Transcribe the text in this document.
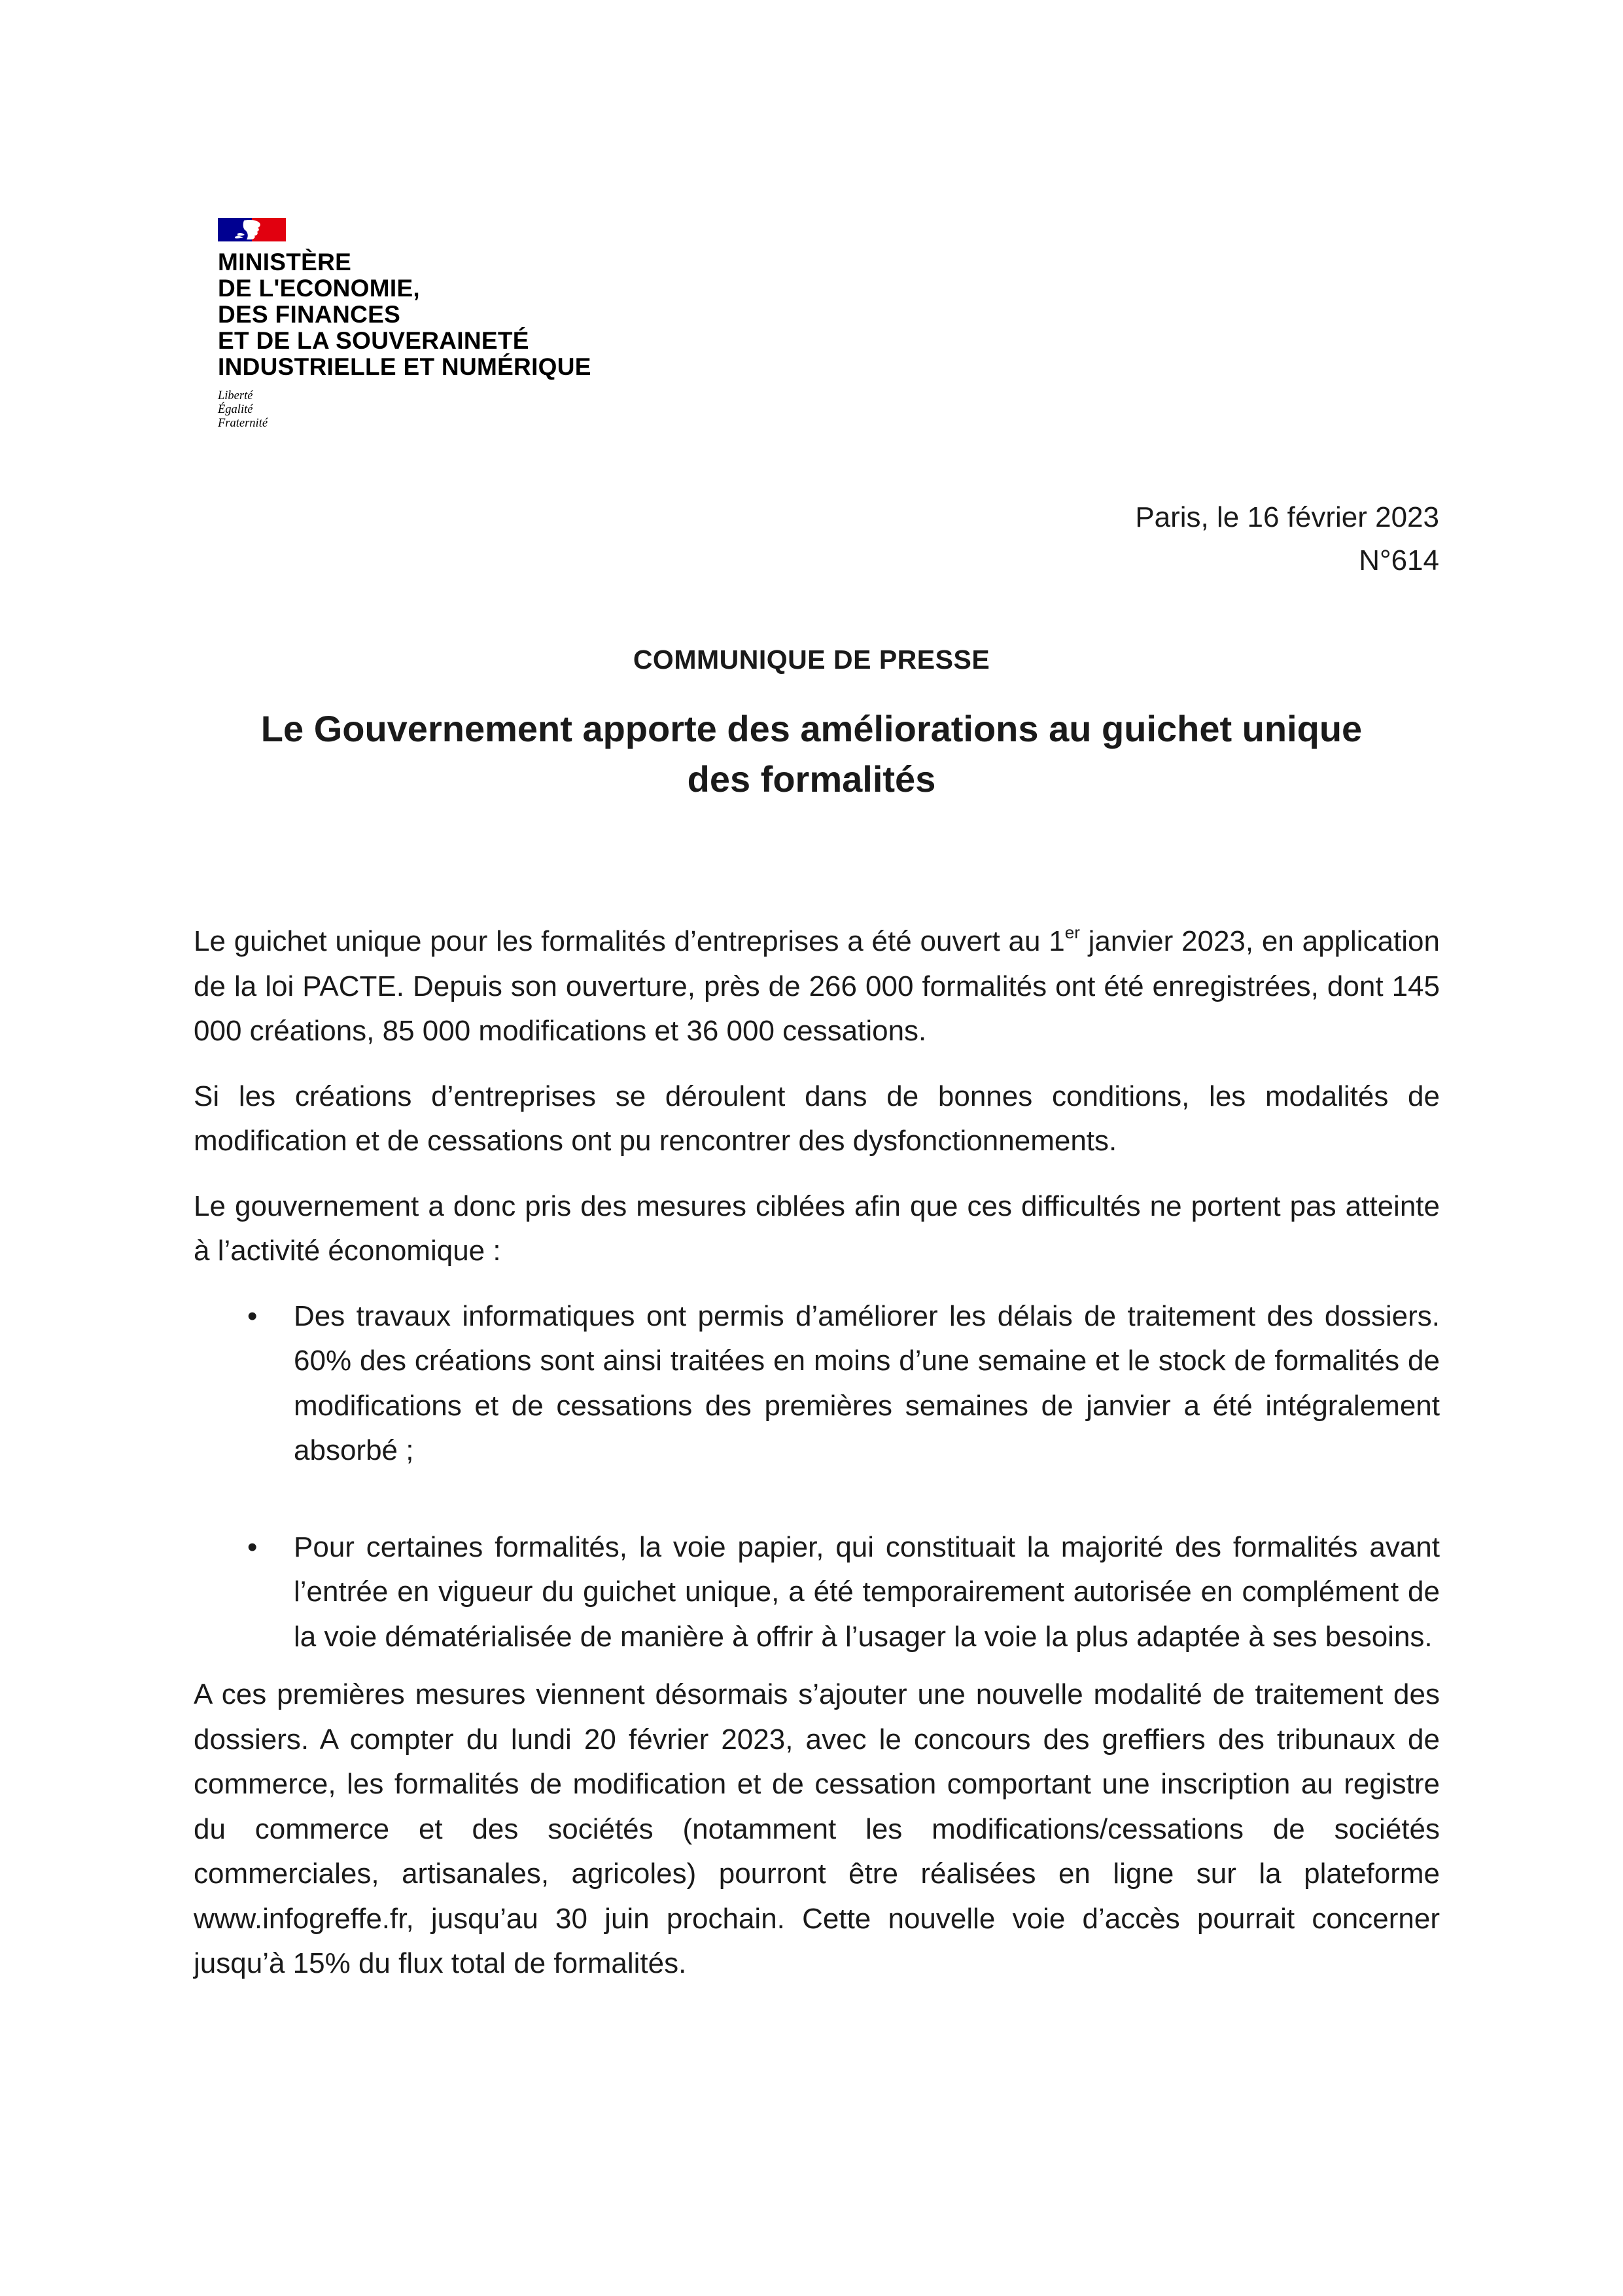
MINISTÈRE
DE L'ECONOMIE,
DES FINANCES
ET DE LA SOUVERAINETÉ
INDUSTRIELLE ET NUMÉRIQUE
Liberté
Égalité
Fraternité
Paris, le 16 février 2023
N°614
COMMUNIQUE DE PRESSE
Le Gouvernement apporte des améliorations au guichet unique
des formalités

Le guichet unique pour les formalités d’entreprises a été ouvert au 1er janvier 2023, en application de la loi PACTE. Depuis son ouverture, près de 266 000 formalités ont été enregistrées, dont 145 000 créations, 85 000 modifications et 36 000 cessations.

Si les créations d’entreprises se déroulent dans de bonnes conditions, les modalités de modification et de cessations ont pu rencontrer des dysfonctionnements.

Le gouvernement a donc pris des mesures ciblées afin que ces difficultés ne portent pas atteinte à l’activité économique :

• Des travaux informatiques ont permis d’améliorer les délais de traitement des dossiers. 60% des créations sont ainsi traitées en moins d’une semaine et le stock de formalités de modifications et de cessations des premières semaines de janvier a été intégralement absorbé ;
• Pour certaines formalités, la voie papier, qui constituait la majorité des formalités avant l’entrée en vigueur du guichet unique, a été temporairement autorisée en complément de la voie dématérialisée de manière à offrir à l’usager la voie la plus adaptée à ses besoins.

A ces premières mesures viennent désormais s’ajouter une nouvelle modalité de traitement des dossiers. A compter du lundi 20 février 2023, avec le concours des greffiers des tribunaux de commerce, les formalités de modification et de cessation comportant une inscription au registre du commerce et des sociétés (notamment les modifications/cessations de sociétés commerciales, artisanales, agricoles) pourront être réalisées en ligne sur la plateforme www.infogreffe.fr, jusqu’au 30 juin prochain. Cette nouvelle voie d’accès pourrait concerner jusqu’à 15% du flux total de formalités.
